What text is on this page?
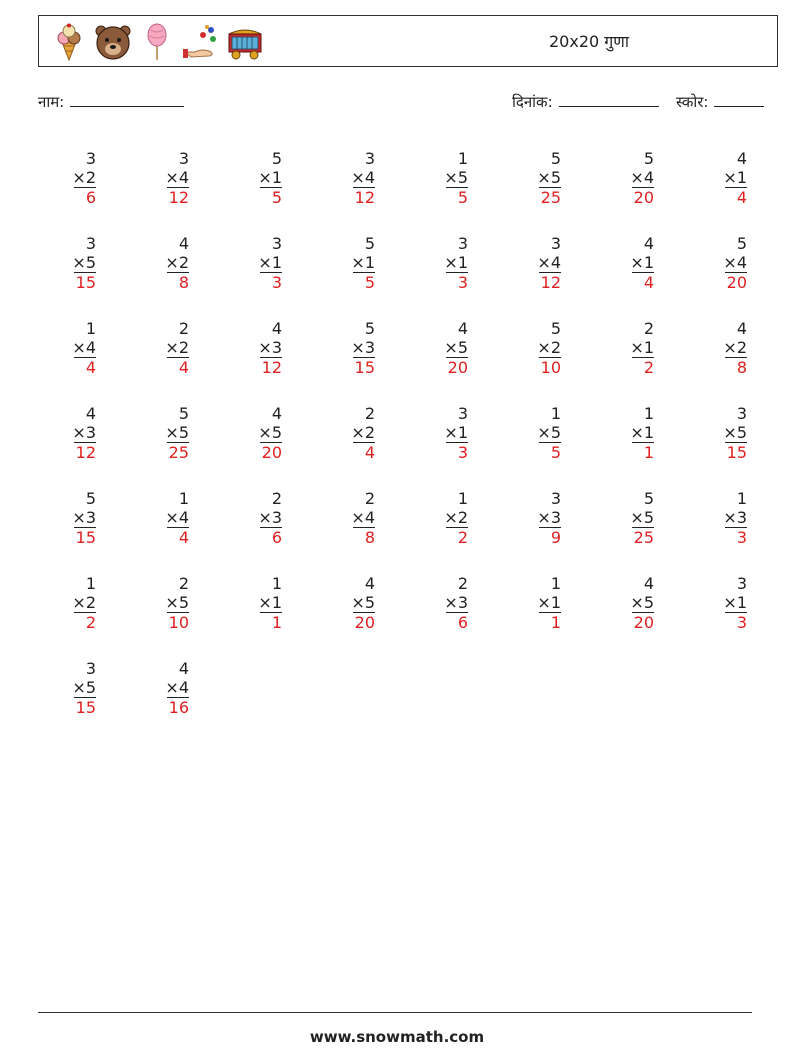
20x20 गुणा
नाम:	दिनांक:	स्कोर:
3
×2
6
3
×4
12
5
×1
5
3
×4
12
1
×5
5
5
×5
25
5
×4
20
4
×1
4
3
×5
15
4
×2
8
3
×1
3
5
×1
5
3
×1
3
3
×4
12
4
×1
4
5
×4
20
1
×4
4
2
×2
4
4
×3
12
5
×3
15
4
×5
20
5
×2
10
2
×1
2
4
×2
8
4
×3
12
5
×5
25
4
×5
20
2
×2
4
3
×1
3
1
×5
5
1
×1
1
3
×5
15
5
×3
15
1
×4
4
2
×3
6
2
×4
8
1
×2
2
3
×3
9
5
×5
25
1
×3
3
1
×2
2
2
×5
10
1
×1
1
4
×5
20
2
×3
6
1
×1
1
4
×5
20
3
×1
3
3
×5
15
4
×4
16
www.snowmath.com
